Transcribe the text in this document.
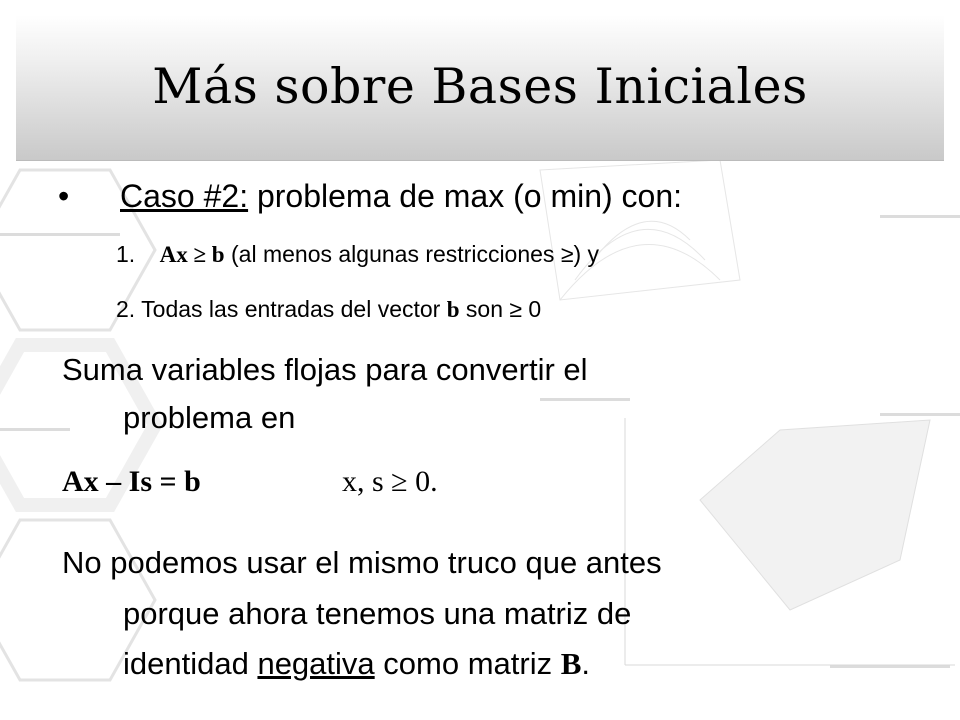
Más sobre Bases Iniciales
• Caso #2: problema de max (o min) con:
1. Ax ≥ b (al menos algunas restricciones ≥) y
2. Todas las entradas del vector b son ≥ 0
Suma variables flojas para convertir el
problema en
Ax – Is = b	x, s ≥ 0.
No podemos usar el mismo truco que antes
porque ahora tenemos una matriz de
identidad negativa como matriz B.
